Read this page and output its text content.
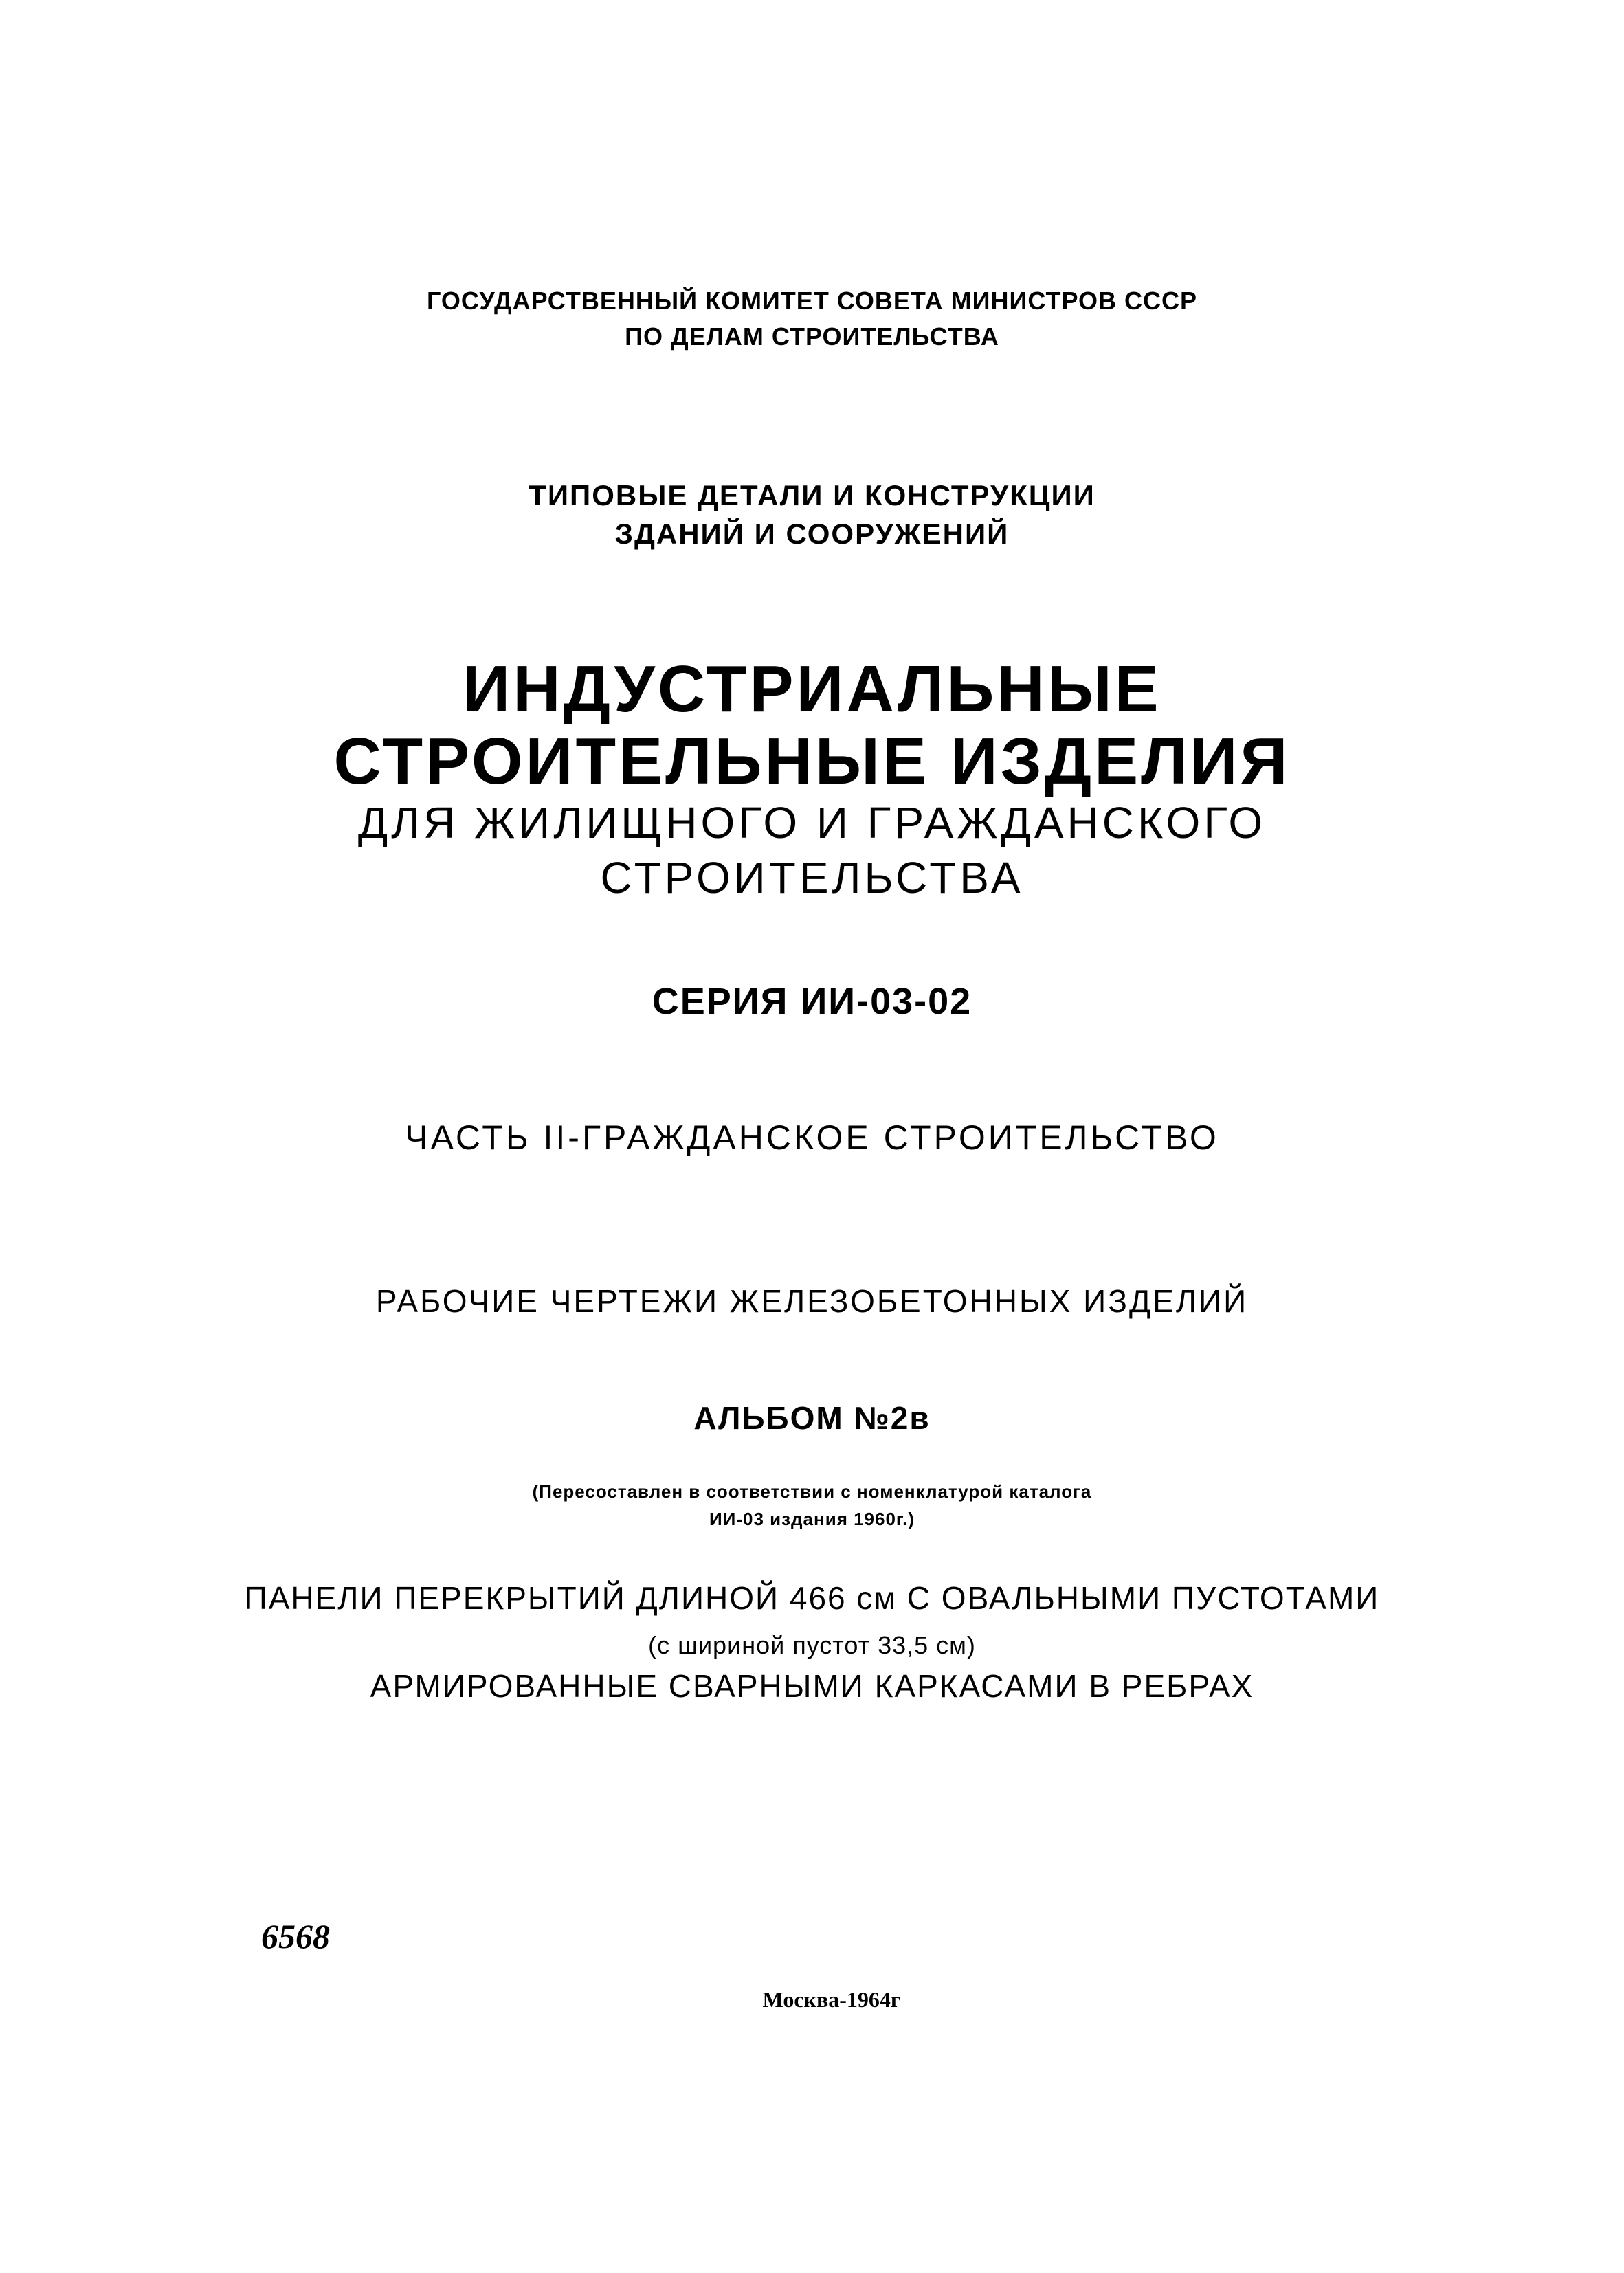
ГОСУДАРСТВЕННЫЙ КОМИТЕТ СОВЕТА МИНИСТРОВ СССР
ПО ДЕЛАМ СТРОИТЕЛЬСТВА
ТИПОВЫЕ ДЕТАЛИ И КОНСТРУКЦИИ
ЗДАНИЙ И СООРУЖЕНИЙ
ИНДУСТРИАЛЬНЫЕ
СТРОИТЕЛЬНЫЕ ИЗДЕЛИЯ
ДЛЯ ЖИЛИЩНОГО И ГРАЖДАНСКОГО
СТРОИТЕЛЬСТВА
СЕРИЯ ИИ-03-02
ЧАСТЬ II-ГРАЖДАНСКОЕ СТРОИТЕЛЬСТВО
РАБОЧИЕ ЧЕРТЕЖИ ЖЕЛЕЗОБЕТОННЫХ ИЗДЕЛИЙ
АЛЬБОМ №2в
(Пересоставлен в соответствии с номенклатурой каталога
ИИ-03 издания 1960г.)
ПАНЕЛИ ПЕРЕКРЫТИЙ ДЛИНОЙ 466 см С ОВАЛЬНЫМИ ПУСТОТАМИ
(с шириной пустот 33,5 см)
АРМИРОВАННЫЕ СВАРНЫМИ КАРКАСАМИ В РЕБРАХ
6568
Москва-1964г
